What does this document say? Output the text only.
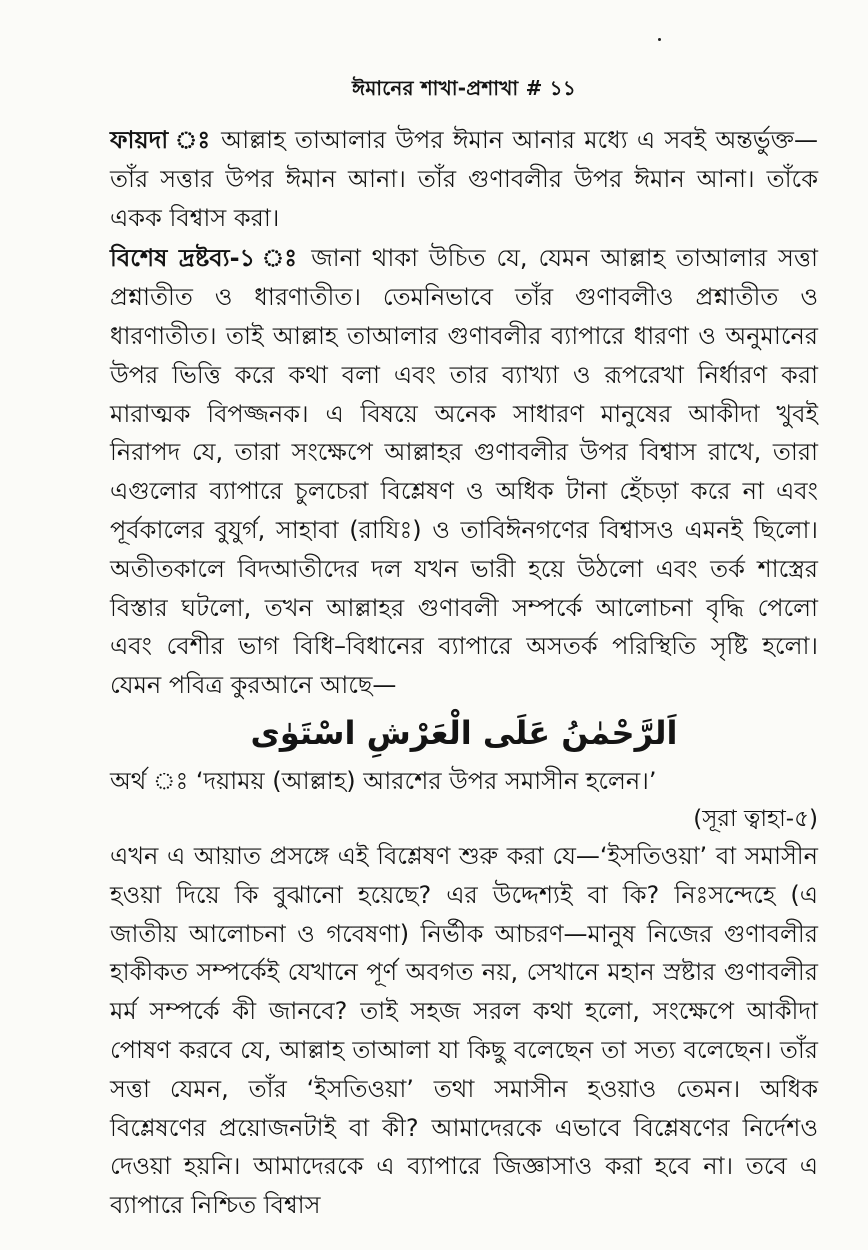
ঈমানের শাখা-প্রশাখা # ১১

ফায়দা ঃ আল্লাহ তাআলার উপর ঈমান আনার মধ্যে এ সবই অন্তর্ভুক্ত—তাঁর সত্তার উপর ঈমান আনা। তাঁর গুণাবলীর উপর ঈমান আনা। তাঁকে একক বিশ্বাস করা।

বিশেষ দ্রষ্টব্য-১ ঃ জানা থাকা উচিত যে, যেমন আল্লাহ তাআলার সত্তা প্রশ্নাতীত ও ধারণাতীত। তেমনিভাবে তাঁর গুণাবলীও প্রশ্নাতীত ও ধারণাতীত। তাই আল্লাহ তাআলার গুণাবলীর ব্যাপারে ধারণা ও অনুমানের উপর ভিত্তি করে কথা বলা এবং তার ব্যাখ্যা ও রূপরেখা নির্ধারণ করা মারাত্মক বিপজ্জনক। এ বিষয়ে অনেক সাধারণ মানুষের আকীদা খুবই নিরাপদ যে, তারা সংক্ষেপে আল্লাহর গুণাবলীর উপর বিশ্বাস রাখে, তারা এগুলোর ব্যাপারে চুলচেরা বিশ্লেষণ ও অধিক টানা হেঁচড়া করে না এবং পূর্বকালের বুযুর্গ, সাহাবা (রাযিঃ) ও তাবিঈনগণের বিশ্বাসও এমনই ছিলো। অতীতকালে বিদআতীদের দল যখন ভারী হয়ে উঠলো এবং তর্ক শাস্ত্রের বিস্তার ঘটলো, তখন আল্লাহর গুণাবলী সম্পর্কে আলোচনা বৃদ্ধি পেলো এবং বেশীর ভাগ বিধি–বিধানের ব্যাপারে অসতর্ক পরিস্থিতি সৃষ্টি হলো। যেমন পবিত্র কুরআনে আছে—

اَلرَّحْمٰنُ عَلَى الْعَرْشِ اسْتَوٰى

অর্থ ঃ ‘দয়াময় (আল্লাহ) আরশের উপর সমাসীন হলেন।’

(সূরা ত্বাহা-৫)

এখন এ আয়াত প্রসঙ্গে এই বিশ্লেষণ শুরু করা যে—‘ইসতিওয়া’ বা সমাসীন হওয়া দিয়ে কি বুঝানো হয়েছে? এর উদ্দেশ্যই বা কি? নিঃসন্দেহে (এ জাতীয় আলোচনা ও গবেষণা) নির্ভীক আচরণ—মানুষ নিজের গুণাবলীর হাকীকত সম্পর্কেই যেখানে পূর্ণ অবগত নয়, সেখানে মহান স্রষ্টার গুণাবলীর মর্ম সম্পর্কে কী জানবে? তাই সহজ সরল কথা হলো, সংক্ষেপে আকীদা পোষণ করবে যে, আল্লাহ তাআলা যা কিছু বলেছেন তা সত্য বলেছেন। তাঁর সত্তা যেমন, তাঁর ‘ইসতিওয়া’ তথা সমাসীন হওয়াও তেমন। অধিক বিশ্লেষণের প্রয়োজনটাই বা কী? আমাদেরকে এভাবে বিশ্লেষণের নির্দেশও দেওয়া হয়নি। আমাদেরকে এ ব্যাপারে জিজ্ঞাসাও করা হবে না। তবে এ ব্যাপারে নিশ্চিত বিশ্বাস
